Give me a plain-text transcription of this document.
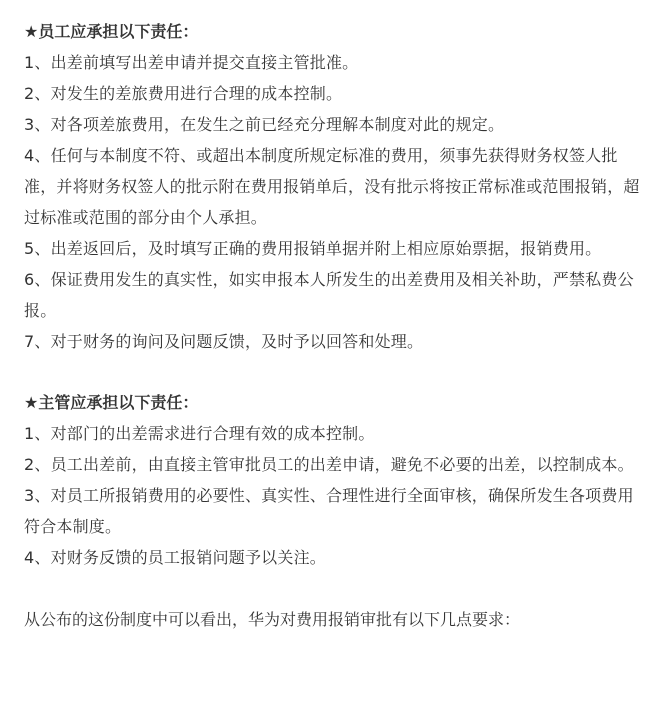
★员工应承担以下责任：

1、出差前填写出差申请并提交直接主管批准。

2、对发生的差旅费用进行合理的成本控制。

3、对各项差旅费用，在发生之前已经充分理解本制度对此的规定。

4、任何与本制度不符、或超出本制度所规定标准的费用，须事先获得财务权签人批准，并将财务权签人的批示附在费用报销单后，没有批示将按正常标准或范围报销，超过标准或范围的部分由个人承担。

5、出差返回后，及时填写正确的费用报销单据并附上相应原始票据，报销费用。

6、保证费用发生的真实性，如实申报本人所发生的出差费用及相关补助，严禁私费公报。

7、对于财务的询问及问题反馈，及时予以回答和处理。

★主管应承担以下责任：

1、对部门的出差需求进行合理有效的成本控制。

2、员工出差前，由直接主管审批员工的出差申请，避免不必要的出差，以控制成本。

3、对员工所报销费用的必要性、真实性、合理性进行全面审核，确保所发生各项费用符合本制度。

4、对财务反馈的员工报销问题予以关注。

从公布的这份制度中可以看出，华为对费用报销审批有以下几点要求：
